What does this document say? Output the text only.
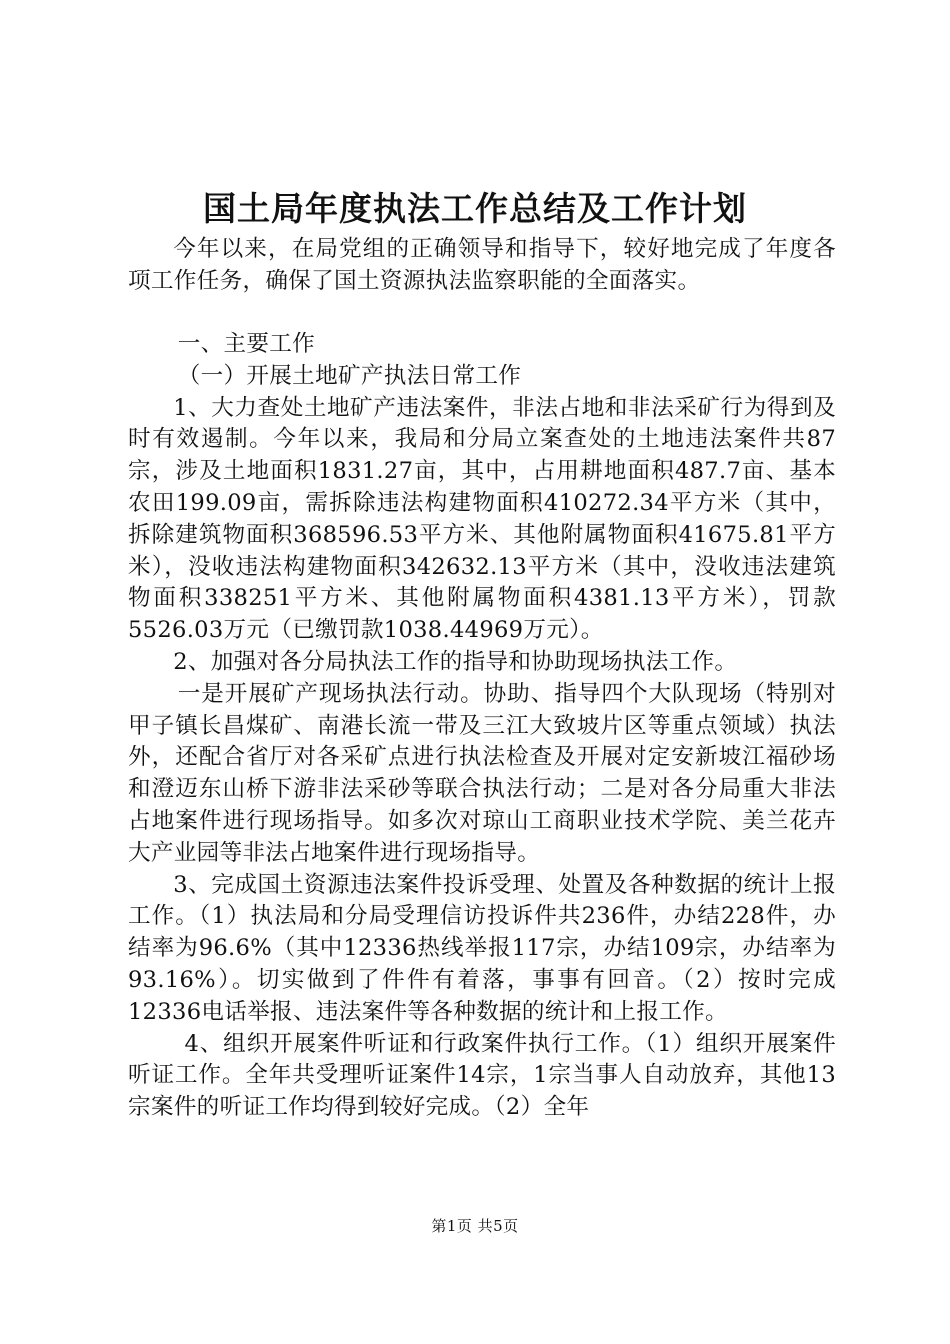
国土局年度执法工作总结及工作计划

今年以来，在局党组的正确领导和指导下，较好地完成了年度各项工作任务，确保了国土资源执法监察职能的全面落实。

一、主要工作

（一）开展土地矿产执法日常工作

1、大力查处土地矿产违法案件，非法占地和非法采矿行为得到及时有效遏制。今年以来，我局和分局立案查处的土地违法案件共87宗，涉及土地面积1831.27亩，其中，占用耕地面积487.7亩、基本农田199.09亩，需拆除违法构建物面积410272.34平方米（其中，拆除建筑物面积368596.53平方米、其他附属物面积41675.81平方米），没收违法构建物面积342632.13平方米（其中，没收违法建筑物面积338251平方米、其他附属物面积4381.13平方米），罚款5526.03万元（已缴罚款1038.44969万元）。

2、加强对各分局执法工作的指导和协助现场执法工作。

一是开展矿产现场执法行动。协助、指导四个大队现场（特别对甲子镇长昌煤矿、南港长流一带及三江大致坡片区等重点领域）执法外，还配合省厅对各采矿点进行执法检查及开展对定安新坡江福砂场和澄迈东山桥下游非法采砂等联合执法行动；二是对各分局重大非法占地案件进行现场指导。如多次对琼山工商职业技术学院、美兰花卉大产业园等非法占地案件进行现场指导。

3、完成国土资源违法案件投诉受理、处置及各种数据的统计上报工作。（1）执法局和分局受理信访投诉件共236件，办结228件，办结率为96.6%（其中12336热线举报117宗，办结109宗，办结率为93.16%）。切实做到了件件有着落，事事有回音。（2）按时完成12336电话举报、违法案件等各种数据的统计和上报工作。

4、组织开展案件听证和行政案件执行工作。（1）组织开展案件听证工作。全年共受理听证案件14宗，1宗当事人自动放弃，其他13宗案件的听证工作均得到较好完成。（2）全年

第1页 共5页
